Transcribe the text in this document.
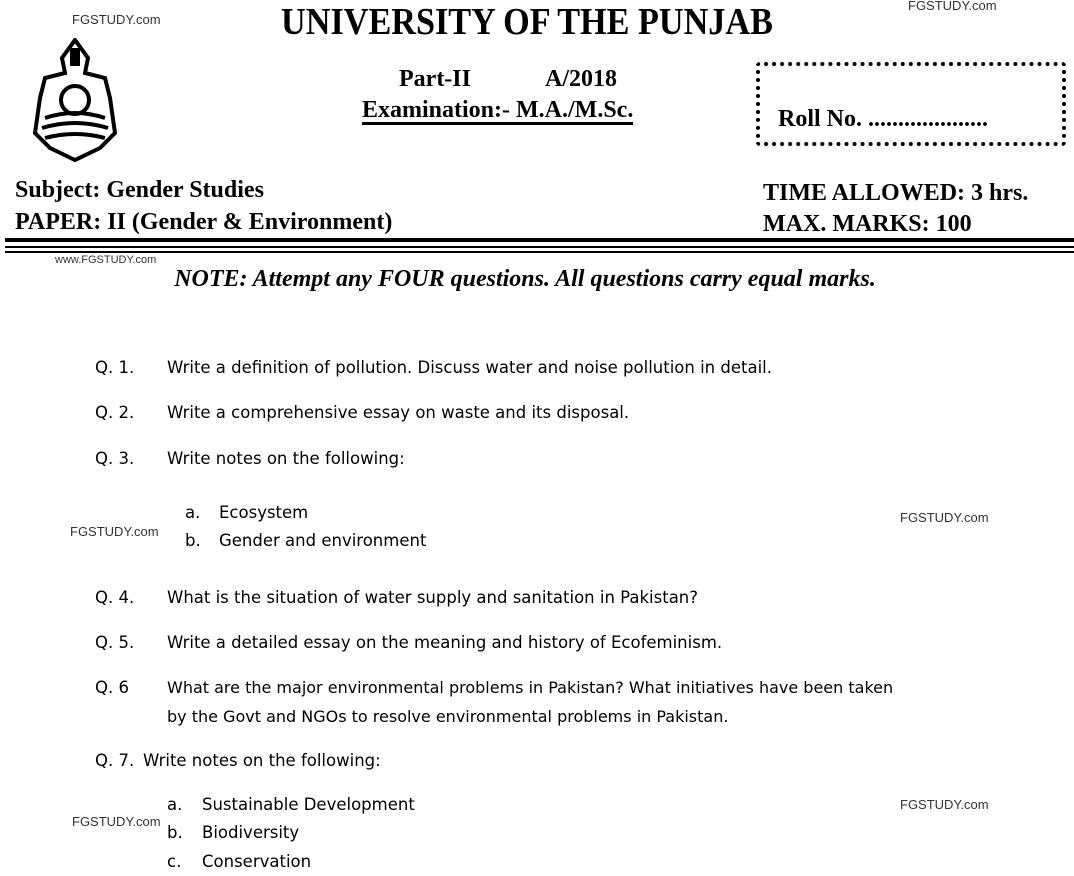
FGSTUDY.com
FGSTUDY.com
www.FGSTUDY.com
FGSTUDY.com
FGSTUDY.com
FGSTUDY.com
FGSTUDY.com
UNIVERSITY OF THE PUNJAB
Part-II	A/2018
Examination:- M.A./M.Sc.	Roll No. ....................
Subject: Gender Studies
PAPER: II (Gender & Environment)
TIME ALLOWED: 3 hrs.
MAX. MARKS: 100
NOTE: Attempt any FOUR questions. All questions carry equal marks.
Q. 1. Write a definition of pollution. Discuss water and noise pollution in detail.
Q. 2. Write a comprehensive essay on waste and its disposal.
Q. 3. Write notes on the following:
a. Ecosystem
b. Gender and environment
Q. 4. What is the situation of water supply and sanitation in Pakistan?
Q. 5. Write a detailed essay on the meaning and history of Ecofeminism.
Q. 6 What are the major environmental problems in Pakistan? What initiatives have been taken
by the Govt and NGOs to resolve environmental problems in Pakistan.
Q. 7. Write notes on the following:
a. Sustainable Development
b. Biodiversity
c. Conservation
